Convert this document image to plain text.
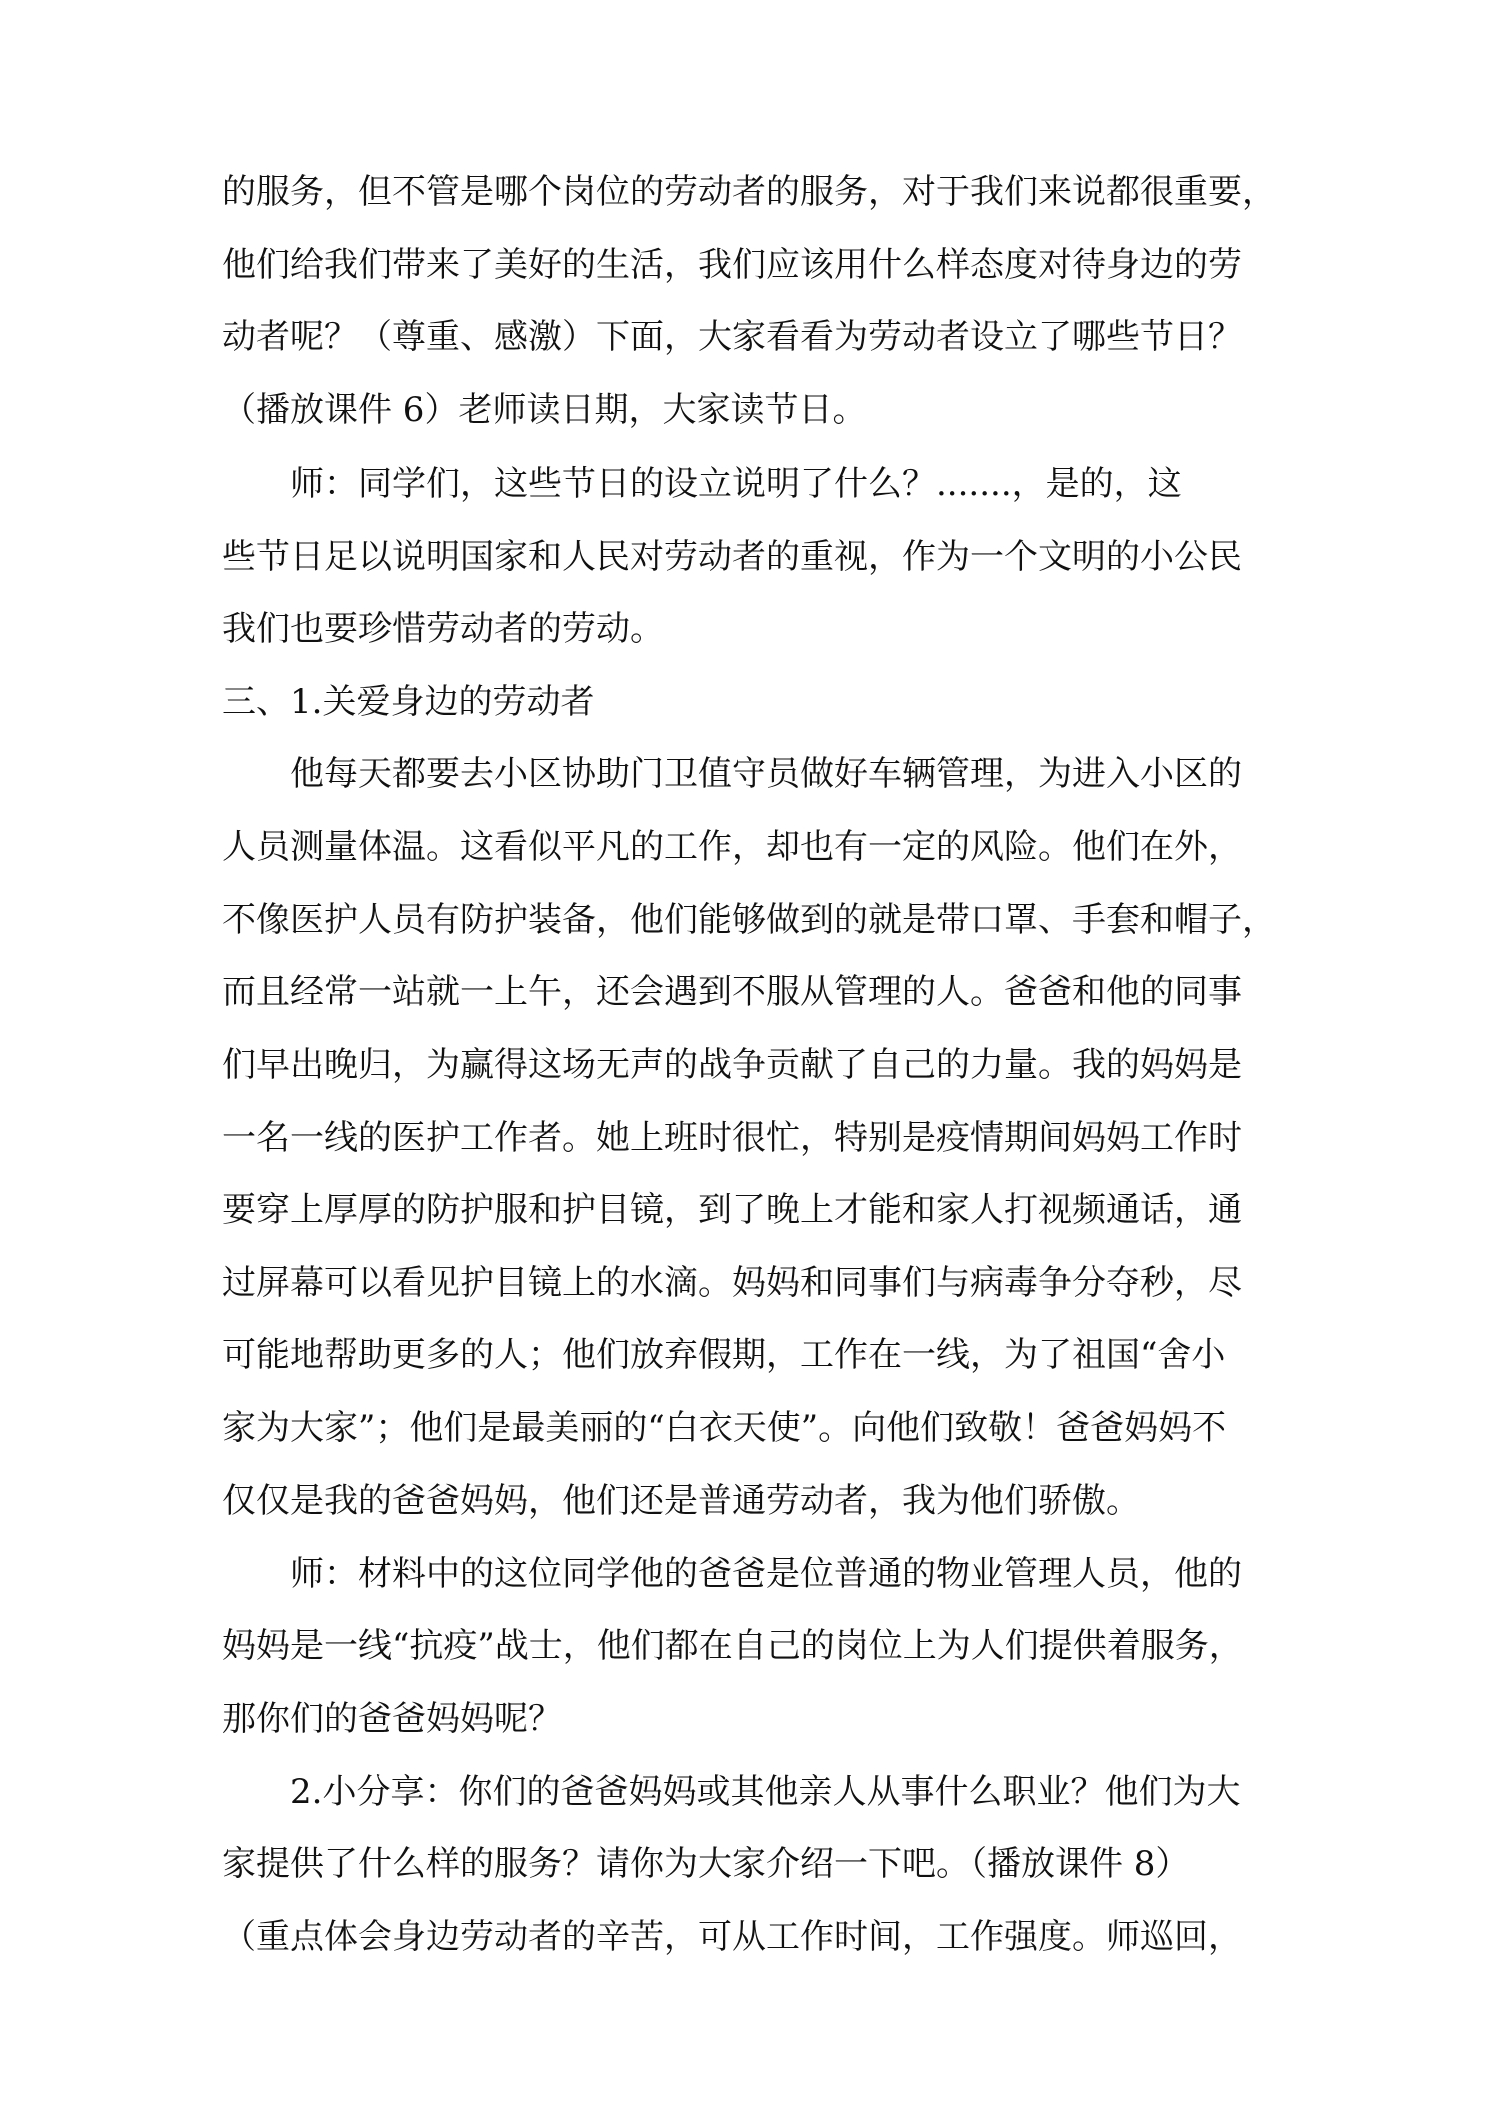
的服务，但不管是哪个岗位的劳动者的服务，对于我们来说都很重要，
他们给我们带来了美好的生活，我们应该用什么样态度对待身边的劳
动者呢？（尊重、感激）下面，大家看看为劳动者设立了哪些节日？
（播放课件 6）老师读日期，大家读节日。
师：同学们，这些节日的设立说明了什么？.......，是的，这
些节日足以说明国家和人民对劳动者的重视，作为一个文明的小公民
我们也要珍惜劳动者的劳动。
三、1.关爱身边的劳动者
他每天都要去小区协助门卫值守员做好车辆管理，为进入小区的
人员测量体温。这看似平凡的工作，却也有一定的风险。他们在外，
不像医护人员有防护装备，他们能够做到的就是带口罩、手套和帽子，
而且经常一站就一上午，还会遇到不服从管理的人。爸爸和他的同事
们早出晚归，为赢得这场无声的战争贡献了自己的力量。我的妈妈是
一名一线的医护工作者。她上班时很忙，特别是疫情期间妈妈工作时
要穿上厚厚的防护服和护目镜，到了晚上才能和家人打视频通话，通
过屏幕可以看见护目镜上的水滴。妈妈和同事们与病毒争分夺秒，尽
可能地帮助更多的人；他们放弃假期，工作在一线，为了祖国“舍小
家为大家”；他们是最美丽的“白衣天使”。向他们致敬！爸爸妈妈不
仅仅是我的爸爸妈妈，他们还是普通劳动者，我为他们骄傲。
师：材料中的这位同学他的爸爸是位普通的物业管理人员，他的
妈妈是一线“抗疫”战士，他们都在自己的岗位上为人们提供着服务，
那你们的爸爸妈妈呢？
2.小分享：你们的爸爸妈妈或其他亲人从事什么职业？他们为大
家提供了什么样的服务？请你为大家介绍一下吧。（播放课件 8）
（重点体会身边劳动者的辛苦，可从工作时间，工作强度。师巡回，
